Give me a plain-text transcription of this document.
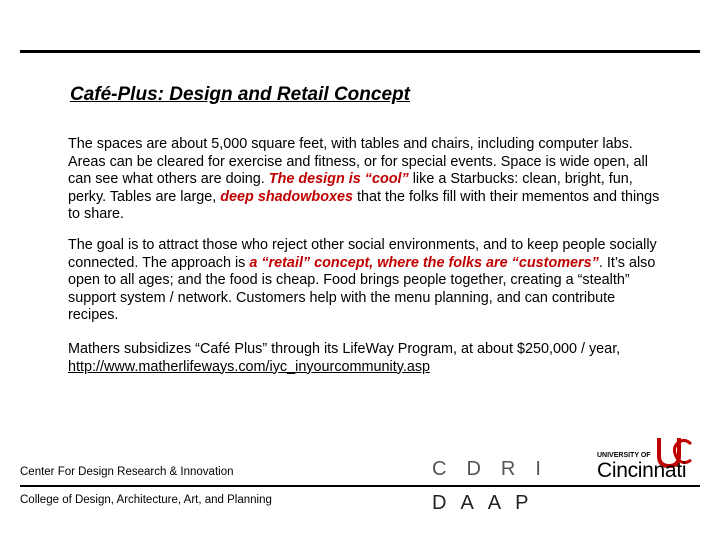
Café-Plus: Design and Retail Concept

The spaces are about 5,000 square feet, with tables and chairs, including computer labs. Areas can be cleared for exercise and fitness, or for special events. Space is wide open, all can see what others are doing. The design is “cool” like a Starbucks: clean, bright, fun, perky. Tables are large, deep shadowboxes that the folks fill with their mementos and things to share.

The goal is to attract those who reject other social environments, and to keep people socially connected. The approach is a “retail” concept, where the folks are “customers”. It’s also open to all ages; and the food is cheap. Food brings people together, creating a “stealth” support system / network. Customers help with the menu planning, and can contribute recipes.

Mathers subsidizes “Café Plus” through its LifeWay Program, at about $250,000 / year,
http://www.matherlifeways.com/iyc_inyourcommunity.asp

Center For Design Research & Innovation
College of Design, Architecture, Art, and Planning
CDRI
DAAP
UNIVERSITY OF
Cincinnati
